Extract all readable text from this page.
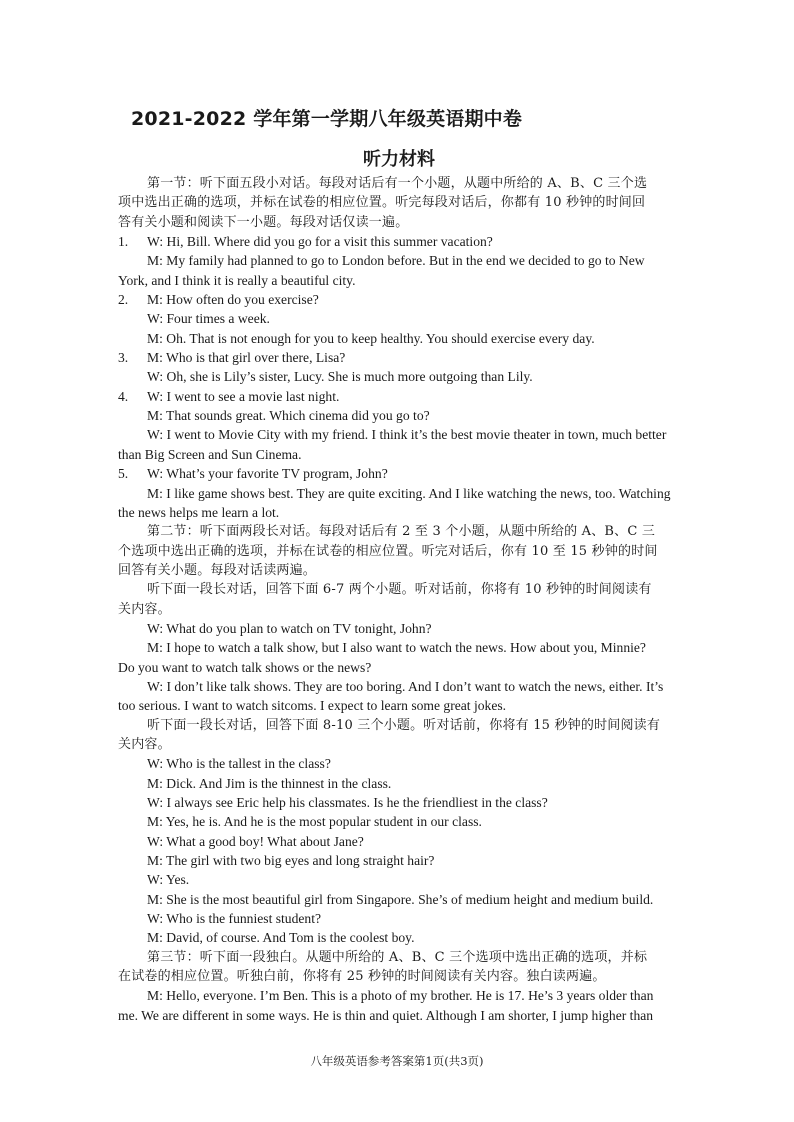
2021-2022 学年第一学期八年级英语期中卷
听力材料

第一节：听下面五段小对话。每段对话后有一个小题，从题中所给的 A、B、C 三个选

项中选出正确的选项，并标在试卷的相应位置。听完每段对话后，你都有 10 秒钟的时间回

答有关小题和阅读下一小题。每段对话仅读一遍。

1. W: Hi, Bill. Where did you go for a visit this summer vacation?

M: My family had planned to go to London before. But in the end we decided to go to New

York, and I think it is really a beautiful city.

2. M: How often do you exercise?

W: Four times a week.

M: Oh. That is not enough for you to keep healthy. You should exercise every day.

3. M: Who is that girl over there, Lisa?

W: Oh, she is Lily’s sister, Lucy. She is much more outgoing than Lily.

4. W: I went to see a movie last night.

M: That sounds great. Which cinema did you go to?

W: I went to Movie City with my friend. I think it’s the best movie theater in town, much better

than Big Screen and Sun Cinema.

5. W: What’s your favorite TV program, John?

M: I like game shows best. They are quite exciting. And I like watching the news, too. Watching

the news helps me learn a lot.

第二节：听下面两段长对话。每段对话后有 2 至 3 个小题，从题中所给的 A、B、C 三

个选项中选出正确的选项，并标在试卷的相应位置。听完对话后，你有 10 至 15 秒钟的时间

回答有关小题。每段对话读两遍。

听下面一段长对话，回答下面 6-7 两个小题。听对话前，你将有 10 秒钟的时间阅读有

关内容。

W: What do you plan to watch on TV tonight, John?

M: I hope to watch a talk show, but I also want to watch the news. How about you, Minnie?

Do you want to watch talk shows or the news?

W: I don’t like talk shows. They are too boring. And I don’t want to watch the news, either. It’s

too serious. I want to watch sitcoms. I expect to learn some great jokes.

听下面一段长对话，回答下面 8-10 三个小题。听对话前，你将有 15 秒钟的时间阅读有

关内容。

W: Who is the tallest in the class?

M: Dick. And Jim is the thinnest in the class.

W: I always see Eric help his classmates. Is he the friendliest in the class?

M: Yes, he is. And he is the most popular student in our class.

W: What a good boy! What about Jane?

M: The girl with two big eyes and long straight hair?

W: Yes.

M: She is the most beautiful girl from Singapore. She’s of medium height and medium build.

W: Who is the funniest student?

M: David, of course. And Tom is the coolest boy.

第三节：听下面一段独白。从题中所给的 A、B、C 三个选项中选出正确的选项，并标

在试卷的相应位置。听独白前，你将有 25 秒钟的时间阅读有关内容。独白读两遍。

M: Hello, everyone. I’m Ben. This is a photo of my brother. He is 17. He’s 3 years older than

me. We are different in some ways. He is thin and quiet. Although I am shorter, I jump higher than

八年级英语参考答案第1页(共3页)
